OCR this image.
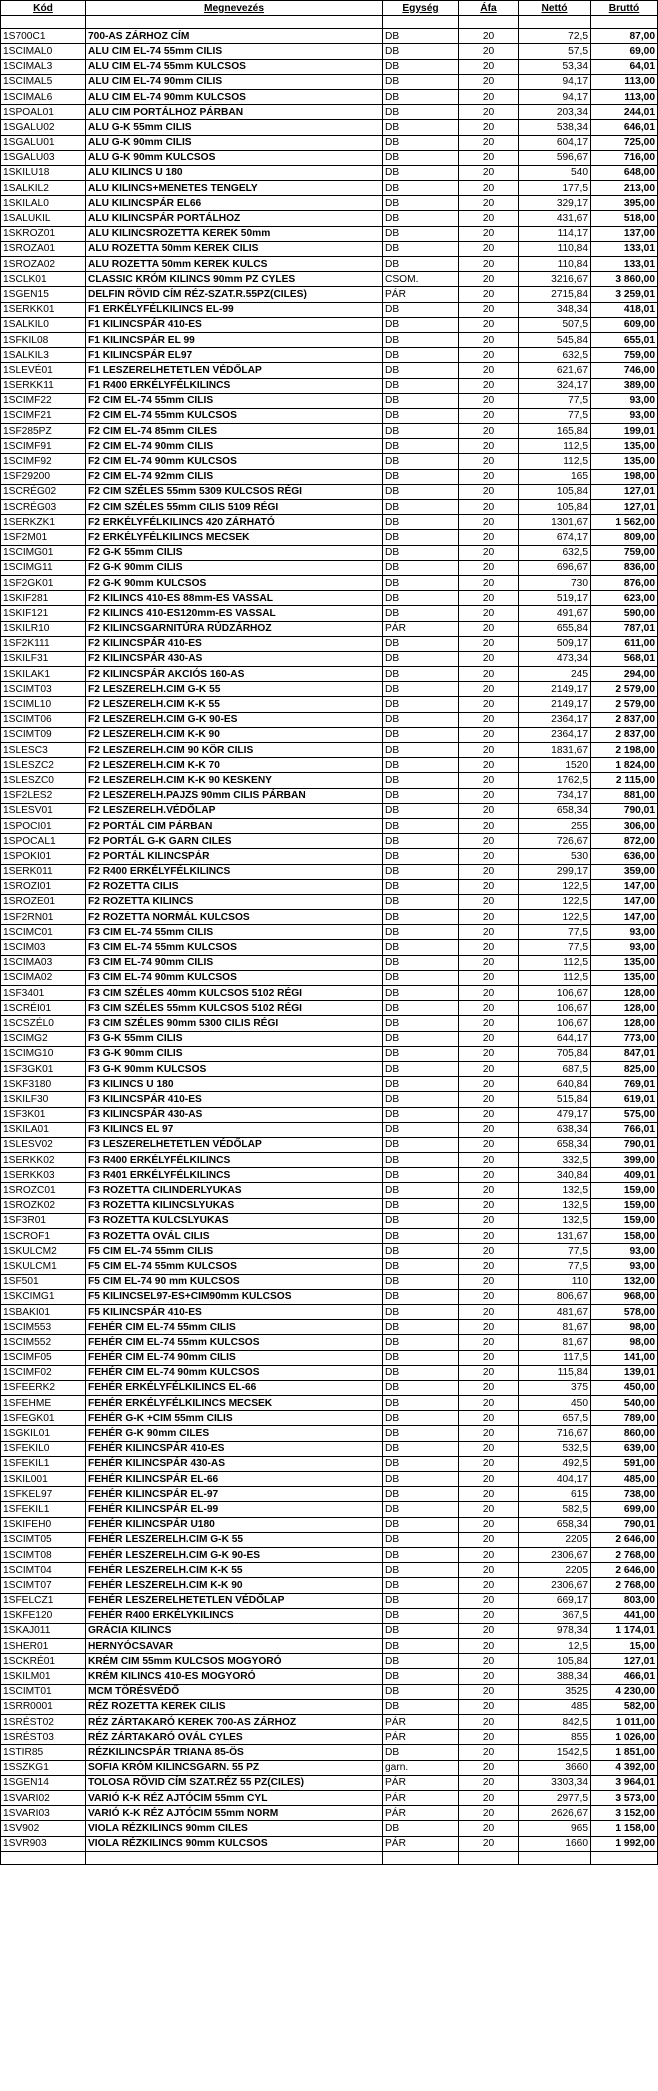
Kód	Megnevezés	Egység	Áfa	Nettó	Bruttó

1S700C1	700-AS ZÁRHOZ CÍM	DB	20	72,5	87,00
1SCIMAL0	ALU CIM EL-74 55mm CILIS	DB	20	57,5	69,00
1SCIMAL3	ALU CIM EL-74 55mm KULCSOS	DB	20	53,34	64,01
1SCIMAL5	ALU CIM EL-74 90mm CILIS	DB	20	94,17	113,00
1SCIMAL6	ALU CIM EL-74 90mm KULCSOS	DB	20	94,17	113,00
1SPOAL01	ALU CIM PORTÁLHOZ PÁRBAN	DB	20	203,34	244,01
1SGALU02	ALU G-K 55mm CILIS	DB	20	538,34	646,01
1SGALU01	ALU G-K 90mm CILIS	DB	20	604,17	725,00
1SGALU03	ALU G-K 90mm KULCSOS	DB	20	596,67	716,00
1SKILU18	ALU KILINCS U 180	DB	20	540	648,00
1SALKIL2	ALU KILINCS+MENETES TENGELY	DB	20	177,5	213,00
1SKILAL0	ALU KILINCSPÁR EL66	DB	20	329,17	395,00
1SALUKIL	ALU KILINCSPÁR PORTÁLHOZ	DB	20	431,67	518,00
1SKROZ01	ALU KILINCSROZETTA KEREK 50mm	DB	20	114,17	137,00
1SROZA01	ALU ROZETTA 50mm KEREK CILIS	DB	20	110,84	133,01
1SROZA02	ALU ROZETTA 50mm KEREK KULCS	DB	20	110,84	133,01
1SCLK01	CLASSIC KRÓM KILINCS 90mm PZ CYLES	CSOM.	20	3216,67	3 860,00
1SGEN15	DELFIN RÖVID CÍM RÉZ-SZAT.R.55PZ(CILES)	PÁR	20	2715,84	3 259,01
1SERKK01	F1 ERKÉLYFÉLKILINCS EL-99	DB	20	348,34	418,01
1SALKIL0	F1 KILINCSPÁR 410-ES	DB	20	507,5	609,00
1SFKIL08	F1 KILINCSPÁR EL 99	DB	20	545,84	655,01
1SALKIL3	F1 KILINCSPÁR EL97	DB	20	632,5	759,00
1SLEVÉ01	F1 LESZERELHETETLEN VÉDŐLAP	DB	20	621,67	746,00
1SERKK11	F1 R400 ERKÉLYFÉLKILINCS	DB	20	324,17	389,00
1SCIMF22	F2 CIM EL-74 55mm CILIS	DB	20	77,5	93,00
1SCIMF21	F2 CIM EL-74 55mm KULCSOS	DB	20	77,5	93,00
1SF285PZ	F2 CIM EL-74 85mm CILES	DB	20	165,84	199,01
1SCIMF91	F2 CIM EL-74 90mm CILIS	DB	20	112,5	135,00
1SCIMF92	F2 CIM EL-74 90mm KULCSOS	DB	20	112,5	135,00
1SF29200	F2 CIM EL-74 92mm CILIS	DB	20	165	198,00
1SCRÉG02	F2 CIM SZÉLES 55mm 5309 KULCSOS RÉGI	DB	20	105,84	127,01
1SCRÉG03	F2 CIM SZÉLES 55mm CILIS 5109 RÉGI	DB	20	105,84	127,01
1SERKZK1	F2 ERKÉLYFÉLKILINCS 420 ZÁRHATÓ	DB	20	1301,67	1 562,00
1SF2M01	F2 ERKÉLYFÉLKILINCS MECSEK	DB	20	674,17	809,00
1SCIMG01	F2 G-K 55mm CILIS	DB	20	632,5	759,00
1SCIMG11	F2 G-K 90mm CILIS	DB	20	696,67	836,00
1SF2GK01	F2 G-K 90mm KULCSOS	DB	20	730	876,00
1SKIF281	F2 KILINCS 410-ES 88mm-ES VASSAL	DB	20	519,17	623,00
1SKIF121	F2 KILINCS 410-ES120mm-ES VASSAL	DB	20	491,67	590,00
1SKILR10	F2 KILINCSGARNITÚRA RÚDZÁRHOZ	PÁR	20	655,84	787,01
1SF2K111	F2 KILINCSPÁR 410-ES	DB	20	509,17	611,00
1SKILF31	F2 KILINCSPÁR 430-AS	DB	20	473,34	568,01
1SKILAK1	F2 KILINCSPÁR AKCIÓS 160-AS	DB	20	245	294,00
1SCIMT03	F2 LESZERELH.CIM G-K 55	DB	20	2149,17	2 579,00
1SCIML10	F2 LESZERELH.CIM K-K 55	DB	20	2149,17	2 579,00
1SCIMT06	F2 LESZERELH.CIM G-K 90-ES	DB	20	2364,17	2 837,00
1SCIMT09	F2 LESZERELH.CIM K-K 90	DB	20	2364,17	2 837,00
1SLESC3	F2 LESZERELH.CIM 90 KÖR CILIS	DB	20	1831,67	2 198,00
1SLESZC2	F2 LESZERELH.CIM K-K 70	DB	20	1520	1 824,00
1SLESZC0	F2 LESZERELH.CIM K-K 90 KESKENY	DB	20	1762,5	2 115,00
1SF2LES2	F2 LESZERELH.PAJZS 90mm CILIS PÁRBAN	DB	20	734,17	881,00
1SLESV01	F2 LESZERELH.VÉDŐLAP	DB	20	658,34	790,01
1SPOCI01	F2 PORTÁL CIM PÁRBAN	DB	20	255	306,00
1SPOCAL1	F2 PORTÁL G-K GARN CILES	DB	20	726,67	872,00
1SPOKI01	F2 PORTÁL KILINCSPÁR	DB	20	530	636,00
1SERK011	F2 R400 ERKÉLYFÉLKILINCS	DB	20	299,17	359,00
1SROZI01	F2 ROZETTA CILIS	DB	20	122,5	147,00
1SROZE01	F2 ROZETTA KILINCS	DB	20	122,5	147,00
1SF2RN01	F2 ROZETTA NORMÁL KULCSOS	DB	20	122,5	147,00
1SCIMC01	F3 CIM EL-74 55mm CILIS	DB	20	77,5	93,00
1SCIM03	F3 CIM EL-74 55mm KULCSOS	DB	20	77,5	93,00
1SCIMA03	F3 CIM EL-74 90mm CILIS	DB	20	112,5	135,00
1SCIMA02	F3 CIM EL-74 90mm KULCSOS	DB	20	112,5	135,00
1SF3401	F3 CIM SZÉLES 40mm KULCSOS 5102 RÉGI	DB	20	106,67	128,00
1SCRÉI01	F3 CIM SZÉLES 55mm KULCSOS 5102 RÉGI	DB	20	106,67	128,00
1SCSZÉL0	F3 CIM SZÉLES 90mm 5300 CILIS RÉGI	DB	20	106,67	128,00
1SCIMG2	F3 G-K 55mm CILIS	DB	20	644,17	773,00
1SCIMG10	F3 G-K 90mm CILIS	DB	20	705,84	847,01
1SF3GK01	F3 G-K 90mm KULCSOS	DB	20	687,5	825,00
1SKF3180	F3 KILINCS U 180	DB	20	640,84	769,01
1SKILF30	F3 KILINCSPÁR 410-ES	DB	20	515,84	619,01
1SF3K01	F3 KILINCSPÁR 430-AS	DB	20	479,17	575,00
1SKILA01	F3 KILINCS EL 97	DB	20	638,34	766,01
1SLESV02	F3 LESZERELHETETLEN VÉDŐLAP	DB	20	658,34	790,01
1SERKK02	F3 R400 ERKÉLYFÉLKILINCS	DB	20	332,5	399,00
1SERKK03	F3 R401 ERKÉLYFÉLKILINCS	DB	20	340,84	409,01
1SROZC01	F3 ROZETTA CILINDERLYUKAS	DB	20	132,5	159,00
1SROZK02	F3 ROZETTA KILINCSLYUKAS	DB	20	132,5	159,00
1SF3R01	F3 ROZETTA KULCSLYUKAS	DB	20	132,5	159,00
1SCROF1	F3 ROZETTA OVÁL CILIS	DB	20	131,67	158,00
1SKULCM2	F5 CIM EL-74 55mm CILIS	DB	20	77,5	93,00
1SKULCM1	F5 CIM EL-74 55mm KULCSOS	DB	20	77,5	93,00
1SF501	F5 CIM EL-74 90 mm KULCSOS	DB	20	110	132,00
1SKCIMG1	F5 KILINCSEL97-ES+CIM90mm KULCSOS	DB	20	806,67	968,00
1SBAKI01	F5 KILINCSPÁR 410-ES	DB	20	481,67	578,00
1SCIM553	FEHÉR CIM EL-74 55mm CILIS	DB	20	81,67	98,00
1SCIM552	FEHÉR CIM EL-74 55mm KULCSOS	DB	20	81,67	98,00
1SCIMF05	FEHÉR CIM EL-74 90mm CILIS	DB	20	117,5	141,00
1SCIMF02	FEHÉR CIM EL-74 90mm KULCSOS	DB	20	115,84	139,01
1SFEERK2	FEHÉR ERKÉLYFÉLKILINCS EL-66	DB	20	375	450,00
1SFEHME	FEHÉR ERKÉLYFÉLKILINCS MECSEK	DB	20	450	540,00
1SFEGK01	FEHÉR G-K +CIM 55mm CILIS	DB	20	657,5	789,00
1SGKIL01	FEHÉR G-K 90mm CILES	DB	20	716,67	860,00
1SFEKIL0	FEHÉR KILINCSPÁR 410-ES	DB	20	532,5	639,00
1SFEKIL1	FEHÉR KILINCSPÁR 430-AS	DB	20	492,5	591,00
1SKIL001	FEHÉR KILINCSPÁR EL-66	DB	20	404,17	485,00
1SFKEL97	FEHÉR KILINCSPÁR EL-97	DB	20	615	738,00
1SFEKIL1	FEHÉR KILINCSPÁR EL-99	DB	20	582,5	699,00
1SKIFEH0	FEHÉR KILINCSPÁR U180	DB	20	658,34	790,01
1SCIMT05	FEHÉR LESZERELH.CIM G-K 55	DB	20	2205	2 646,00
1SCIMT08	FEHÉR LESZERELH.CIM G-K 90-ES	DB	20	2306,67	2 768,00
1SCIMT04	FEHÉR LESZERELH.CIM K-K 55	DB	20	2205	2 646,00
1SCIMT07	FEHÉR LESZERELH.CIM K-K 90	DB	20	2306,67	2 768,00
1SFELCZ1	FEHÉR LESZERELHETETLEN VÉDŐLAP	DB	20	669,17	803,00
1SKFE120	FEHÉR R400 ERKÉLYKILINCS	DB	20	367,5	441,00
1SKAJ011	GRÁCIA KILINCS	DB	20	978,34	1 174,01
1SHER01	HERNYÓCSAVAR	DB	20	12,5	15,00
1SCKRÉ01	KRÉM CIM 55mm KULCSOS MOGYORÓ	DB	20	105,84	127,01
1SKILM01	KRÉM KILINCS 410-ES MOGYORÓ	DB	20	388,34	466,01
1SCIMT01	MCM TÖRÉSVÉDŐ	DB	20	3525	4 230,00
1SRR0001	RÉZ ROZETTA KEREK CILIS	DB	20	485	582,00
1SRÉST02	RÉZ ZÁRTAKARÓ KEREK 700-AS ZÁRHOZ	PÁR	20	842,5	1 011,00
1SRÉST03	RÉZ ZÁRTAKARÓ OVÁL CYLES	PÁR	20	855	1 026,00
1STIR85	RÉZKILINCSPÁR TRIANA 85-ÖS	DB	20	1542,5	1 851,00
1SSZKG1	SOFIA KRÓM KILINCSGARN. 55 PZ	garn.	20	3660	4 392,00
1SGEN14	TOLOSA RÖVID CÍM SZAT.RÉZ 55 PZ(CILES)	PÁR	20	3303,34	3 964,01
1SVARI02	VARIÓ K-K RÉZ AJTÓCIM 55mm CYL	PÁR	20	2977,5	3 573,00
1SVARI03	VARIÓ K-K RÉZ AJTÓCIM 55mm NORM	PÁR	20	2626,67	3 152,00
1SV902	VIOLA RÉZKILINCS 90mm CILES	DB	20	965	1 158,00
1SVR903	VIOLA RÉZKILINCS 90mm KULCSOS	PÁR	20	1660	1 992,00
